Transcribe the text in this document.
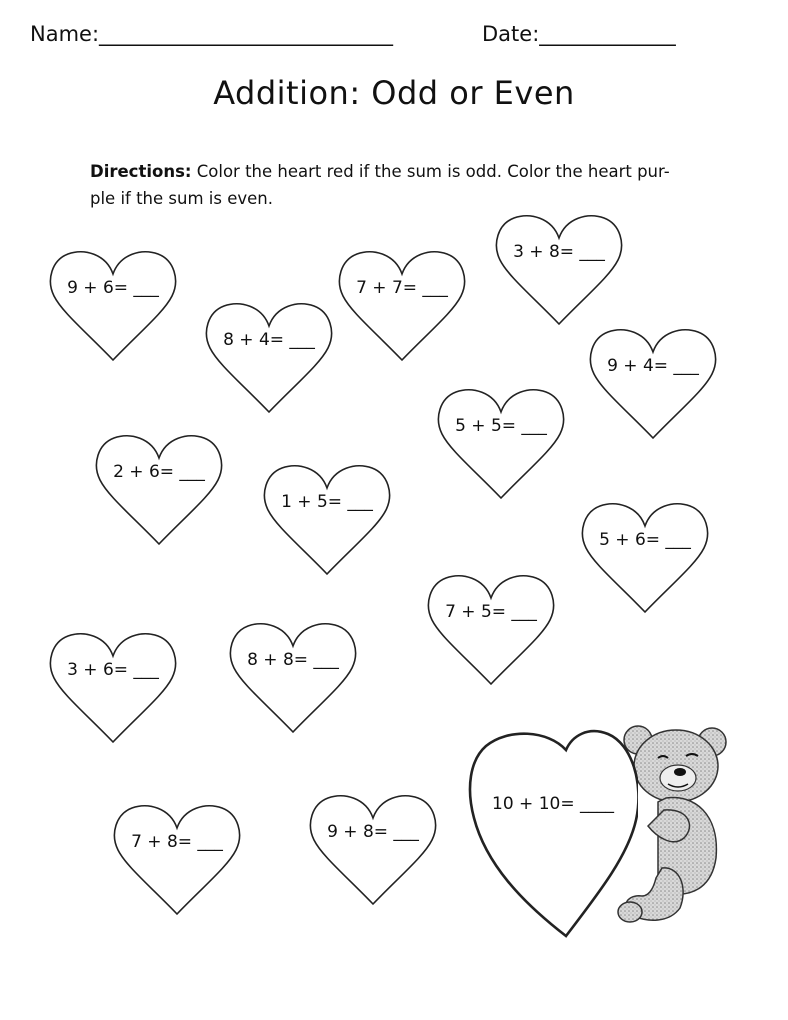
Name:____________________________	Date:_____________
Addition: Odd or Even
Directions: Color the heart red if the sum is odd. Color the heart pur-
ple if the sum is even.
9 + 6= ___
8 + 4= ___
7 + 7= ___
3 + 8= ___
9 + 4= ___
5 + 5= ___
2 + 6= ___
1 + 5= ___
5 + 6= ___
7 + 5= ___
3 + 6= ___	8 + 8= ___
7 + 8= ___	9 + 8= ___
10 + 10= ____
